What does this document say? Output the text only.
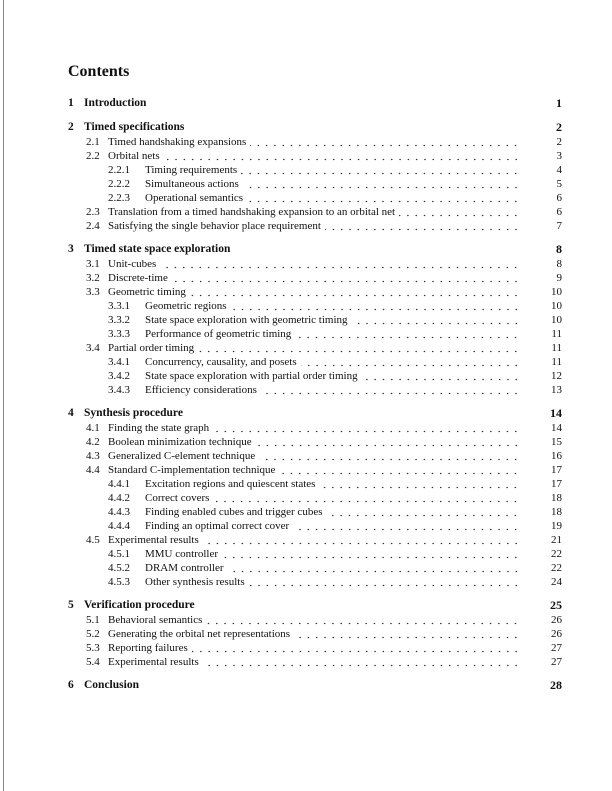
Contents
1 Introduction	1
2 Timed specifications	2
2.1 Timed handshaking expansions	2
2.2 Orbital nets	3
2.2.1	Timing requirements	4
2.2.2	Simultaneous actions	5
2.2.3	Operational semantics	6
2.3 Translation from a timed handshaking expansion to an orbital net	6
2.4 Satisfying the single behavior place requirement	7
3 Timed state space exploration	8
3.1 Unit-cubes	8
3.2 Discrete-time	9
3.3 Geometric timing	10
3.3.1	Geometric regions	10
3.3.2	State space exploration with geometric timing	10
3.3.3	Performance of geometric timing	11
3.4 Partial order timing	11
3.4.1	Concurrency, causality, and posets	11
3.4.2	State space exploration with partial order timing	12
3.4.3	Efficiency considerations	13
4 Synthesis procedure	14
4.1 Finding the state graph	14
4.2 Boolean minimization technique	15
4.3 Generalized C-element technique	16
4.4 Standard C-implementation technique	17
4.4.1	Excitation regions and quiescent states	17
4.4.2	Correct covers	18
4.4.3	Finding enabled cubes and trigger cubes	18
4.4.4	Finding an optimal correct cover	19
4.5 Experimental results	21
4.5.1	MMU controller	22
4.5.2	DRAM controller	22
4.5.3	Other synthesis results	24
5 Verification procedure	25
5.1 Behavioral semantics	26
5.2 Generating the orbital net representations	26
5.3 Reporting failures	27
5.4 Experimental results	27
6 Conclusion	28
